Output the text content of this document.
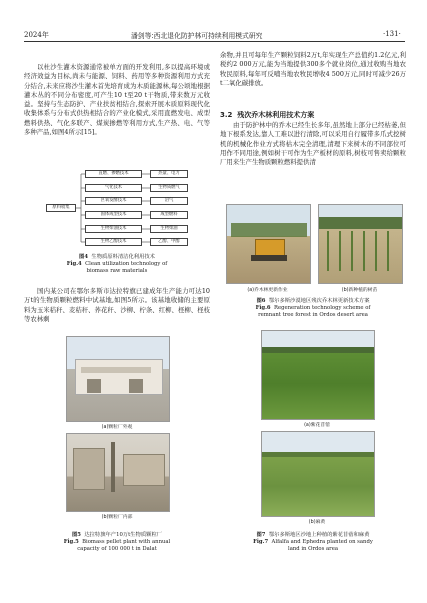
2024年	潘剑等:西北退化防护林可持续利用模式研究	·131·
以杜沙生灌木资源通常被单方面的开发利用,多以提高环境或经济效益为目标,尚未与能源、饲料、药用等多种资源利用方式充分结合,未来应将沙生灌木首先培育成为木质能源林,每公顷地根据灌木丛的不同分布密度,可产生10 t至20 t干物质,带来数万元收益。坚持与生态防护、产业扶贫相结合,探索开展木质原料现代化收集体系与分布式供热相结合的产业化模式,采用直燃发电、成型燃料供热、气化多联产、煤炭掺燃等利用方式,生产热、电、气等多种产品,如图4所示[15]。
原料收集
直燃、掺燃技术
气化技术
区氧发酵技术
固体成型技术
生物柴油技术
生物乙醇技术
热量、电力
生物质燃气
沼气
成型燃料
生物柴油
乙醇、甲醇
图4 生物质原料清洁化利用技术
Fig.4 Clean utilization technology of biomass raw materials
国内某公司在鄂尔多斯市达拉特旗已建成年生产能力可达10万t的生物质颗粒燃料中试基地,如图5所示。该基地收储的主要原料为玉米秸秆、麦秸秆、荞花秆、沙柳、柠条、红柳、柽柳、柽枝等农林剩
(a)颗粒厂外观
(b)颗粒厂内部
图5 达拉特旗年产10万t生物质颗粒厂
Fig.5 Biomass pellet plant with annual capacity of 100 000 t in Dalat
余物,并且可每年生产颗粒饲料2万t,年实现生产总值约1.2亿元,利税约2 000万元,能为当地提供300多个就业岗位,通过收购当地农牧民原料,每年可反哺当地农牧民增收4 500万元,同时可减少26万t二氧化碳排放。
3.2 残次乔木林利用技术方案
由于防护林中的乔木已经生长多年,虽然地上部分已经枯萎,但地下根系发达,靠人工难以进行清除,可以采用自行履带多爪式挖树机的机械化作业方式将枯木完全清理,清理下来树木的不同部位可用作不同用途,例如树干可作为生产板材的原料,树枝可售卖给颗粒厂用来生产生物质颗粒燃料提供清
(a)乔木林更新作业	(b)新种植的树苗
图6 鄂尔多斯沙漠地区残次乔木林更新技术方案
Fig.6 Regeneration technology scheme of remnant tree forest in Ordos desert area
(a)紫花苜蓿
(b)麻黄
图7 鄂尔多斯地区沙地上种植的紫花苜蓿和麻黄
Fig.7 Alfalfa and Ephedra planted on sandy land in Ordos area
